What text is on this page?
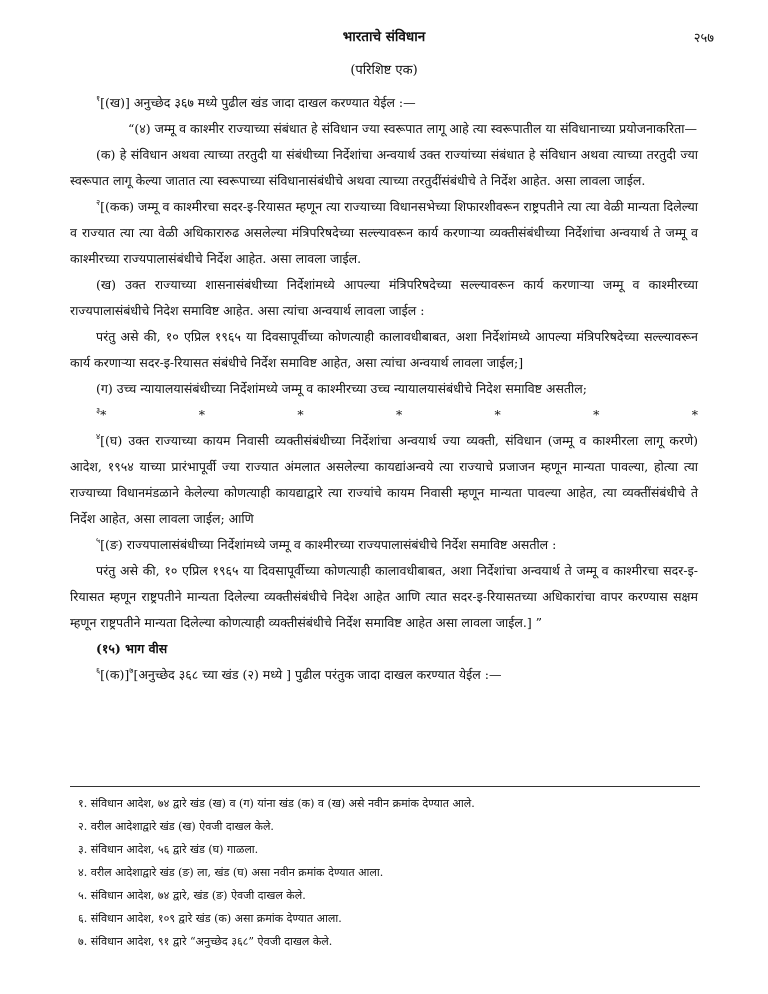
भारताचे संविधान	२५७
(परिशिष्ट एक)

$^१$[(ख)] अनुच्छेद ३६७ मध्ये पुढील खंड जादा दाखल करण्यात येईल :—

“(४) जम्मू व काश्मीर राज्याच्या संबंधात हे संविधान ज्या स्वरूपात लागू आहे त्या स्वरूपातील या संविधानाच्या प्रयोजनाकरिता—

(क) हे संविधान अथवा त्याच्या तरतुदी या संबंधीच्या निर्देशांचा अन्वयार्थ उक्त राज्यांच्या संबंधात हे संविधान अथवा त्याच्या तरतुदी ज्या स्वरूपात लागू केल्या जातात त्या स्वरूपाच्या संविधानासंबंधीचे अथवा त्याच्या तरतुदींसंबंधीचे ते निर्देश आहेत. असा लावला जाईल.

$^२$[(कक) जम्मू व काश्मीरचा सदर-इ-रियासत म्हणून त्या राज्याच्या विधानसभेच्या शिफारशीवरून राष्ट्रपतीने त्या त्या वेळी मान्यता दिलेल्या व राज्यात त्या त्या वेळी अधिकारारुढ असलेल्या मंत्रिपरिषदेच्या सल्ल्यावरून कार्य करणाऱ्या व्यक्तीसंबंधीच्या निर्देशांचा अन्वयार्थ ते जम्मू व काश्मीरच्या राज्यपालासंबंधीचे निर्देश आहेत. असा लावला जाईल.

(ख) उक्त राज्याच्या शासनासंबंधीच्या निर्देशांमध्ये आपल्या मंत्रिपरिषदेच्या सल्ल्यावरून कार्य करणाऱ्या जम्मू व काश्मीरच्या राज्यपालासंबंधीचे निदेश समाविष्ट आहेत. असा त्यांचा अन्वयार्थ लावला जाईल :

परंतु असे की, १० एप्रिल १९६५ या दिवसापूर्वीच्या कोणत्याही कालावधीबाबत, अशा निर्देशांमध्ये आपल्या मंत्रिपरिषदेच्या सल्ल्यावरून कार्य करणाऱ्या सदर-इ-रियासत संबंधीचे निर्देश समाविष्ट आहेत, असा त्यांचा अन्वयार्थ लावला जाईल;]

(ग) उच्च न्यायालयासंबंधीच्या निर्देशांमध्ये जम्मू व काश्मीरच्या उच्च न्यायालयासंबंधीचे निदेश समाविष्ट असतील;

$^३$*	*	*	*	*	*	*

$^४$[(घ) उक्त राज्याच्या कायम निवासी व्यक्तीसंबंधीच्या निर्देशांचा अन्वयार्थ ज्या व्यक्ती, संविधान (जम्मू व काश्मीरला लागू करणे) आदेश, १९५४ याच्या प्रारंभापूर्वी ज्या राज्यात अंमलात असलेल्या कायद्यांअन्वये त्या राज्याचे प्रजाजन म्हणून मान्यता पावल्या, होत्या त्या राज्याच्या विधानमंडळाने केलेल्या कोणत्याही कायद्याद्वारे त्या राज्यांचे कायम निवासी म्हणून मान्यता पावल्या आहेत, त्या व्यक्तींसंबंधीचे ते निर्देश आहेत, असा लावला जाईल; आणि

$^५$[(ङ) राज्यपालासंबंधीच्या निर्देशांमध्ये जम्मू व काश्मीरच्या राज्यपालासंबंधीचे निर्देश समाविष्ट असतील :

परंतु असे की, १० एप्रिल १९६५ या दिवसापूर्वीच्या कोणत्याही कालावधीबाबत, अशा निर्देशांचा अन्वयार्थ ते जम्मू व काश्मीरचा सदर-इ-रियासत म्हणून राष्ट्रपतीने मान्यता दिलेल्या व्यक्तीसंबंधीचे निदेश आहेत आणि त्यात सदर-इ-रियासतच्या अधिकारांचा वापर करण्यास सक्षम म्हणून राष्ट्रपतीने मान्यता दिलेल्या कोणत्याही व्यक्तीसंबंधीचे निर्देश समाविष्ट आहेत असा लावला जाईल.] ”

(१५) भाग वीस

$^६$[(क)]$^७$[अनुच्छेद ३६८ च्या खंड (२) मध्ये ] पुढील परंतुक जादा दाखल करण्यात येईल :—

१. संविधान आदेश, ७४ द्वारे खंड (ख) व (ग) यांना खंड (क) व (ख) असे नवीन क्रमांक देण्यात आले.
२. वरील आदेशाद्वारे खंड (ख) ऐवजी दाखल केले.
३. संविधान आदेश, ५६ द्वारे खंड (घ) गाळला.
४. वरील आदेशाद्वारे खंड (ङ) ला, खंड (घ) असा नवीन क्रमांक देण्यात आला.
५. संविधान आदेश, ७४ द्वारे, खंड (ङ) ऐवजी दाखल केले.
६. संविधान आदेश, १०९ द्वारे खंड (क) असा क्रमांक देण्यात आला.
७. संविधान आदेश, ९१ द्वारे “अनुच्छेद ३६८” ऐवजी दाखल केले.
